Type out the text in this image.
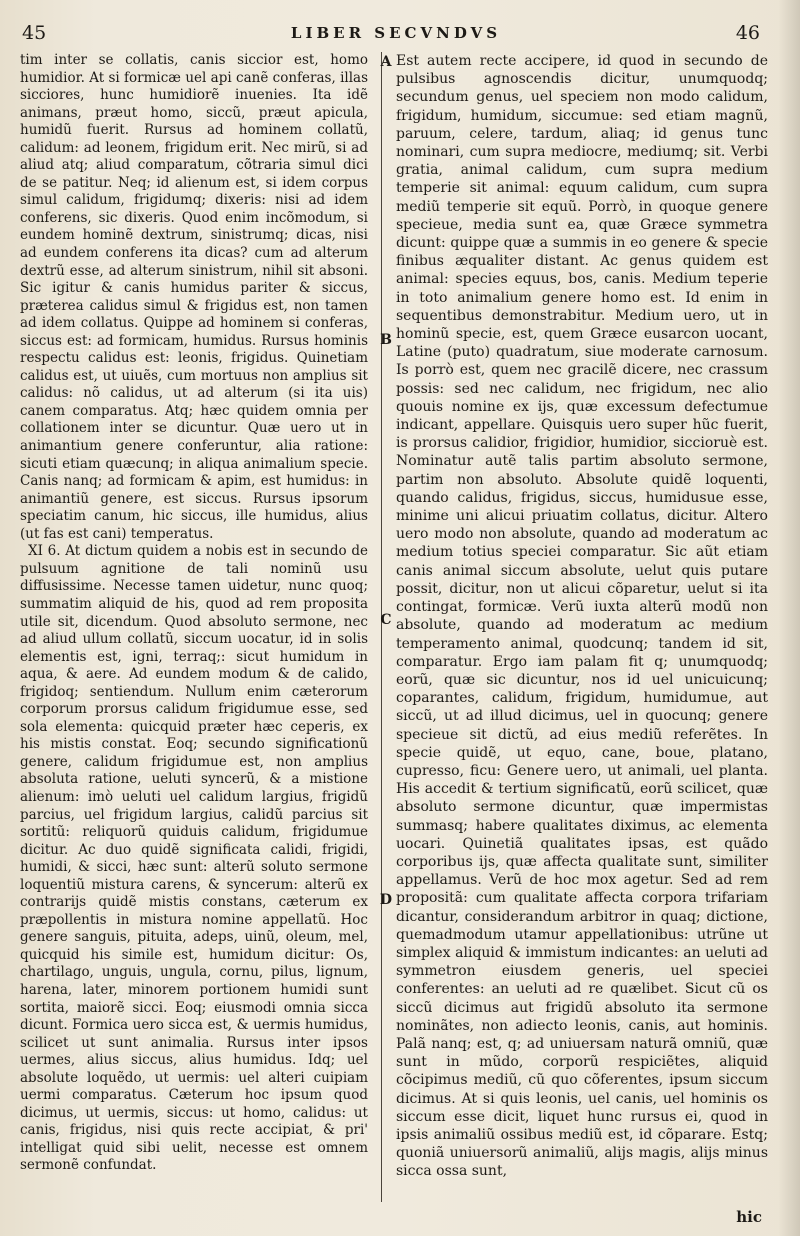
45	LIBER SECVNDVS	46

tim inter se collatis, canis siccior est, homo humidior. At si formicæ uel api canẽ conferas, illas sicciores, hunc humidiorẽ inuenies. Ita idẽ animans, præut homo, siccũ, præut apicula, humidũ fuerit. Rursus ad hominem collatũ, calidum: ad leonem, frigidum erit. Nec mirũ, si ad aliud atq; aliud comparatum, cõtraria simul dici de se patitur. Neq; id alienum est, si idem corpus simul calidum, frigidumq; dixeris: nisi ad idem conferens, sic dixeris. Quod enim incõmodum, si eundem hominẽ dextrum, sinistrumq; dicas, nisi ad eundem conferens ita dicas? cum ad alterum dextrũ esse, ad alterum sinistrum, nihil sit absoni. Sic igitur & canis humidus pariter & siccus, præterea calidus simul & frigidus est, non tamen ad idem collatus. Quippe ad hominem si conferas, siccus est: ad formicam, humidus. Rursus hominis respectu calidus est: leonis, frigidus. Quinetiam calidus est, ut uiuẽs, cum mortuus non amplius sit calidus: nõ calidus, ut ad alterum (si ita uis) canem comparatus. Atq; hæc quidem omnia per collationem inter se dicuntur. Quæ uero ut in animantium genere conferuntur, alia ratione: sicuti etiam quæcunq; in aliqua animalium specie. Canis nanq; ad formicam & apim, est humidus: in animantiũ genere, est siccus. Rursus ipsorum speciatim canum, hic siccus, ille humidus, alius (ut fas est cani) temperatus.

XI 6. At dictum quidem a nobis est in secundo de pulsuum agnitione de tali nominũ usu diffusissime. Necesse tamen uidetur, nunc quoq; summatim aliquid de his, quod ad rem proposita utile sit, dicendum. Quod absoluto sermone, nec ad aliud ullum collatũ, siccum uocatur, id in solis elementis est, igni, terraq;: sicut humidum in aqua, & aere. Ad eundem modum & de calido, frigidoq; sentiendum. Nullum enim cæterorum corporum prorsus calidum frigidumue esse, sed sola elementa: quicquid præter hæc ceperis, ex his mistis constat. Eoq; secundo significationũ genere, calidum frigidumue est, non amplius absoluta ratione, ueluti syncerũ, & a mistione alienum: imò ueluti uel calidum largius, frigidũ parcius, uel frigidum largius, calidũ parcius sit sortitũ: reliquorũ quiduis calidum, frigidumue dicitur. Ac duo quidẽ significata calidi, frigidi, humidi, & sicci, hæc sunt: alterũ soluto sermone loquentiũ mistura carens, & syncerum: alterũ ex contrarijs quidẽ mistis constans, cæterum ex præpollentis in mistura nomine appellatũ. Hoc genere sanguis, pituita, adeps, uinũ, oleum, mel, quicquid his simile est, humidum dicitur: Os, chartilago, unguis, ungula, cornu, pilus, lignum, harena, later, minorem portionem humidi sunt sortita, maiorẽ sicci. Eoq; eiusmodi omnia sicca dicunt. Formica uero sicca est, & uermis humidus, scilicet ut sunt animalia. Rursus inter ipsos uermes, alius siccus, alius humidus. Idq; uel absolute loquẽdo, ut uermis: uel alteri cuipiam uermi comparatus. Cæterum hoc ipsum quod dicimus, ut uermis, siccus: ut homo, calidus: ut canis, frigidus, nisi quis recte accipiat, & pri' intelligat quid sibi uelit, necesse est omnem sermonẽ confundat.

A
B
C
D

Est autem recte accipere, id quod in secundo de pulsibus agnoscendis dicitur, unumquodq; secundum genus, uel speciem non modo calidum, frigidum, humidum, siccumue: sed etiam magnũ, paruum, celere, tardum, aliaq; id genus tunc nominari, cum supra mediocre, mediumq; sit. Verbi gratia, animal calidum, cum supra medium temperie sit animal: equum calidum, cum supra mediũ temperie sit equũ. Porrò, in quoque genere specieue, media sunt ea, quæ Græce symmetra dicunt: quippe quæ a summis in eo genere & specie finibus æqualiter distant. Ac genus quidem est animal: species equus, bos, canis. Medium teperie in toto animalium genere homo est. Id enim in sequentibus demonstrabitur. Medium uero, ut in hominũ specie, est, quem Græce eusarcon uocant, Latine (puto) quadratum, siue moderate carnosum. Is porrò est, quem nec gracilẽ dicere, nec crassum possis: sed nec calidum, nec frigidum, nec alio quouis nomine ex ijs, quæ excessum defectumue indicant, appellare. Quisquis uero super hũc fuerit, is prorsus calidior, frigidior, humidior, siccioruè est. Nominatur autẽ talis partim absoluto sermone, partim non absoluto. Absolute quidẽ loquenti, quando calidus, frigidus, siccus, humidusue esse, minime uni alicui priuatim collatus, dicitur. Altero uero modo non absolute, quando ad moderatum ac medium totius speciei comparatur. Sic aũt etiam canis animal siccum absolute, uelut quis putare possit, dicitur, non ut alicui cõparetur, uelut si ita contingat, formicæ. Verũ iuxta alterũ modũ non absolute, quando ad moderatum ac medium temperamento animal, quodcunq; tandem id sit, comparatur. Ergo iam palam fit q; unumquodq; eorũ, quæ sic dicuntur, nos id uel unicuicunq; coparantes, calidum, frigidum, humidumue, aut siccũ, ut ad illud dicimus, uel in quocunq; genere specieue sit dictũ, ad eius mediũ referẽtes. In specie quidẽ, ut equo, cane, boue, platano, cupresso, ficu: Genere uero, ut animali, uel planta. His accedit & tertium significatũ, eorũ scilicet, quæ absoluto sermone dicuntur, quæ impermistas summasq; habere qualitates diximus, ac elementa uocari. Quinetiã qualitates ipsas, est quãdo corporibus ijs, quæ affecta qualitate sunt, similiter appellamus. Verũ de hoc mox agetur. Sed ad rem propositã: cum qualitate affecta corpora trifariam dicantur, considerandum arbitror in quaq; dictione, quemadmodum utamur appellationibus: utrũne ut simplex aliquid & immistum indicantes: an ueluti ad symmetron eiusdem generis, uel speciei conferentes: an ueluti ad re quælibet. Sicut cũ os siccũ dicimus aut frigidũ absoluto ita sermone nominãtes, non adiecto leonis, canis, aut hominis. Palã nanq; est, q; ad uniuersam naturã omniũ, quæ sunt in mũdo, corporũ respiciẽtes, aliquid cõcipimus mediũ, cũ quo cõferentes, ipsum siccum dicimus. At si quis leonis, uel canis, uel hominis os siccum esse dicit, liquet hunc rursus ei, quod in ipsis animaliũ ossibus mediũ est, id cõparare. Estq; quoniã uniuersorũ animaliũ, alijs magis, alijs minus sicca ossa sunt,

hic
